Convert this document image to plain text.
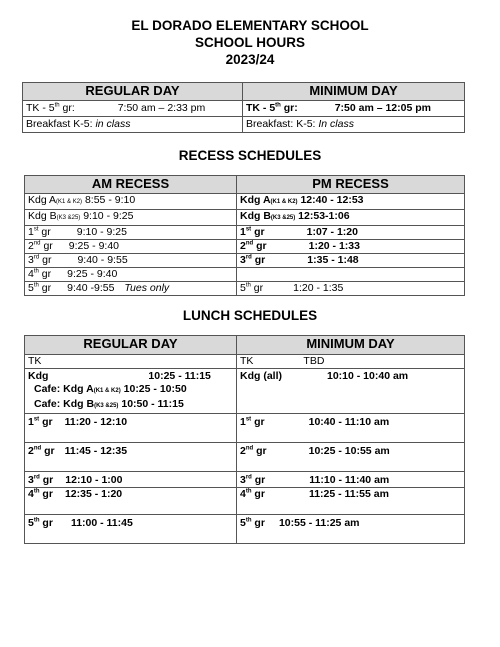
EL DORADO ELEMENTARY SCHOOL
SCHOOL HOURS
2023/24
REGULAR DAY	MINIMUM DAY
TK - 5th gr: 7:50 am – 2:33 pm	TK - 5th gr: 7:50 am – 12:05 pm
Breakfast K-5: in class	Breakfast: K-5: In class
RECESS SCHEDULES
AM RECESS	PM RECESS
Kdg A(K1 & K2) 8:55 - 9:10	Kdg A(K1 & K2) 12:40 - 12:53
Kdg B(K3 &25) 9:10 - 9:25	Kdg B(K3 &25) 12:53-1:06
1st gr 9:10 - 9:25	1st gr 1:07 - 1:20
2nd gr 9:25 - 9:40	2nd gr 1:20 - 1:33
3rd gr 9:40 - 9:55	3rd gr 1:35 - 1:48
4th gr 9:25 - 9:40	
5th gr 9:40 -9:55 Tues only	5th gr 1:20 - 1:35
LUNCH SCHEDULES
REGULAR DAY	MINIMUM DAY
TK	TK TBD

Kdg 10:25 - 11:15
Cafe: Kdg A(K1 & K2) 10:25 - 10:50
Cafe: Kdg B(K3 &25) 10:50 - 11:15	Kdg (all) 10:10 - 10:40 am
1st gr 11:20 - 12:10	1st gr 10:40 - 11:10 am
2nd gr 11:45 - 12:35	2nd gr 10:25 - 10:55 am
3rd gr 12:10 - 1:00	3rd gr 11:10 - 11:40 am
4th gr 12:35 - 1:20	4th gr 11:25 - 11:55 am
5th gr 11:00 - 11:45	5th gr 10:55 - 11:25 am
